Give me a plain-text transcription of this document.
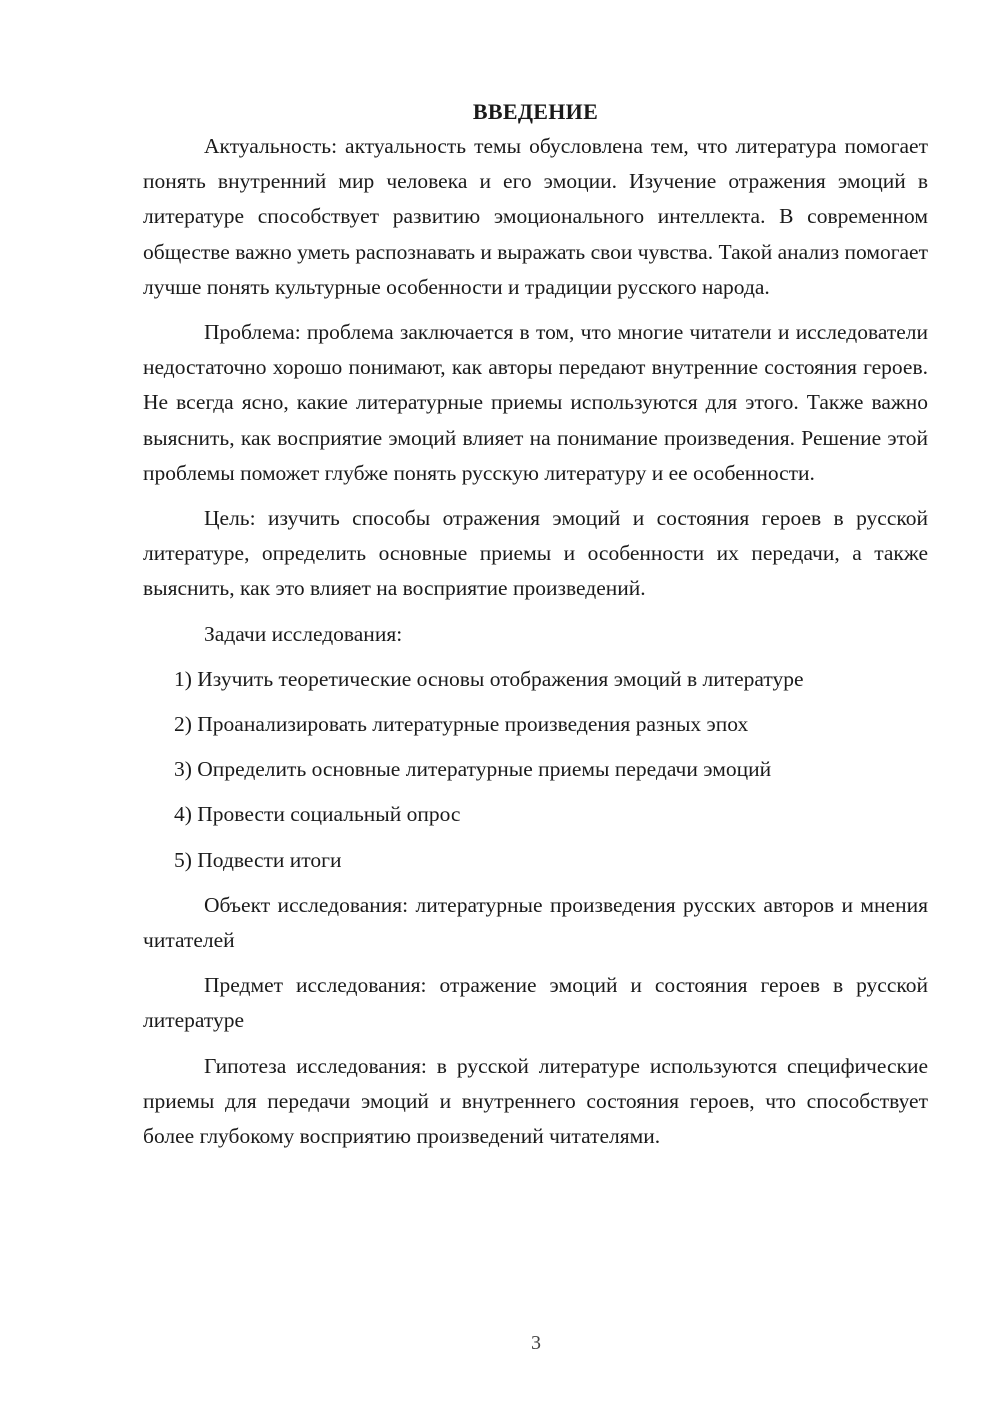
ВВЕДЕНИЕ

Актуальность: актуальность темы обусловлена тем, что литература помогает понять внутренний мир человека и его эмоции. Изучение отражения эмоций в литературе способствует развитию эмоционального интеллекта. В современном обществе важно уметь распознавать и выражать свои чувства. Такой анализ помогает лучше понять культурные особенности и традиции русского народа.

Проблема: проблема заключается в том, что многие читатели и исследователи недостаточно хорошо понимают, как авторы передают внутренние состояния героев. Не всегда ясно, какие литературные приемы используются для этого. Также важно выяснить, как восприятие эмоций влияет на понимание произведения. Решение этой проблемы поможет глубже понять русскую литературу и ее особенности.

Цель: изучить способы отражения эмоций и состояния героев в русской литературе, определить основные приемы и особенности их передачи, а также выяснить, как это влияет на восприятие произведений.

Задачи исследования:

1) Изучить теоретические основы отображения эмоций в литературе
2) Проанализировать литературные произведения разных эпох
3) Определить основные литературные приемы передачи эмоций
4) Провести социальный опрос
5) Подвести итоги

Объект исследования: литературные произведения русских авторов и мнения читателей

Предмет исследования: отражение эмоций и состояния героев в русской литературе

Гипотеза исследования: в русской литературе используются специфические приемы для передачи эмоций и внутреннего состояния героев, что способствует более глубокому восприятию произведений читателями.

3
